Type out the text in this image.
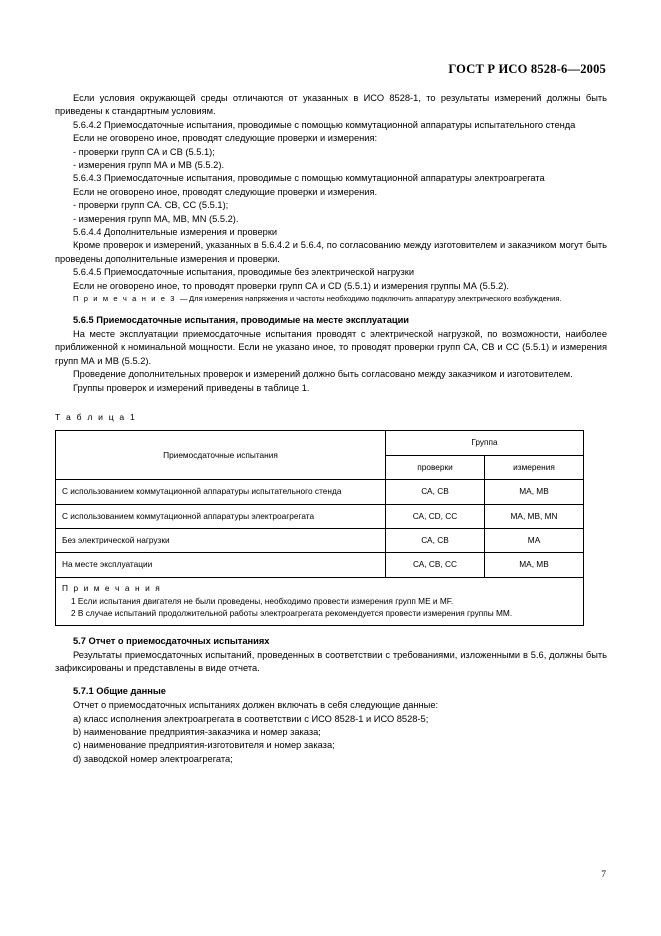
ГОСТ Р ИСО 8528-6—2005

Если условия окружающей среды отличаются от указанных в ИСО 8528-1, то результаты измерений должны быть приведены к стандартным условиям.

5.6.4.2 Приемосдаточные испытания, проводимые с помощью коммутационной аппаратуры испытательного стенда

Если не оговорено иное, проводят следующие проверки и измерения:

- проверки групп СА и СВ (5.5.1);

- измерения групп МА и МВ (5.5.2).

5.6.4.3 Приемосдаточные испытания, проводимые с помощью коммутационной аппаратуры электроагрегата

Если не оговорено иное, проводят следующие проверки и измерения.

- проверки групп СА. СВ, СС (5.5.1);

- измерения групп МА, МВ, MN (5.5.2).

5.6.4.4 Дополнительные измерения и проверки

Кроме проверок и измерений, указанных в 5.6.4.2 и 5.6.4, по согласованию между изготовителем и заказчиком могут быть проведены дополнительные измерения и проверки.

5.6.4.5 Приемосдаточные испытания, проводимые без электрической нагрузки

Если не оговорено иное, то проводят проверки групп СА и CD (5.5.1) и измерения группы МА (5.5.2).

П р и м е ч а н и е 3 —Для измерения напряжения и частоты необходимо подключить аппаратуру электрического возбуждения.

5.6.5 Приемосдаточные испытания, проводимые на месте эксплуатации

На месте эксплуатации приемосдаточные испытания проводят с электрической нагрузкой, по возможности, наиболее приближенной к номинальной мощности. Если не указано иное, то проводят проверки групп СА, СВ и СС (5.5.1) и измерения групп МА и МВ (5.5.2).

Проведение дополнительных проверок и измерений должно быть согласовано между заказчиком и изготовителем.

Группы проверок и измерений приведены в таблице 1.

Т а б л и ц а 1

Приемосдаточные испытания	Группа	
	проверки	измерения
С использованием коммутационной аппаратуры испытательного стенда	СА, СВ	МА, МВ
С использованием коммутационной аппаратуры электроагрегата	СА, CD, СС	МА, МВ, MN
Без электрической нагрузки	СА, СВ	МА
На месте эксплуатации	СА, СВ, СС	МА, МВ

П р и м е ч а н и я
1 Если испытания двигателя не были проведены, необходимо провести измерения групп ME и MF.
2 В случае испытаний продолжительной работы электроагрегата рекомендуется провести измерения группы MM.		

5.7 Отчет о приемосдаточных испытаниях

Результаты приемосдаточных испытаний, проведенных в соответствии с требованиями, изложенными в 5.6, должны быть зафиксированы и представлены в виде отчета.

5.7.1 Общие данные

Отчет о приемосдаточных испытаниях должен включать в себя следующие данные:

a) класс исполнения электроагрегата в соответствии с ИСО 8528-1 и ИСО 8528-5;

b) наименование предприятия-заказчика и номер заказа;

c) наименование предприятия-изготовителя и номер заказа;

d) заводской номер электроагрегата;

7
